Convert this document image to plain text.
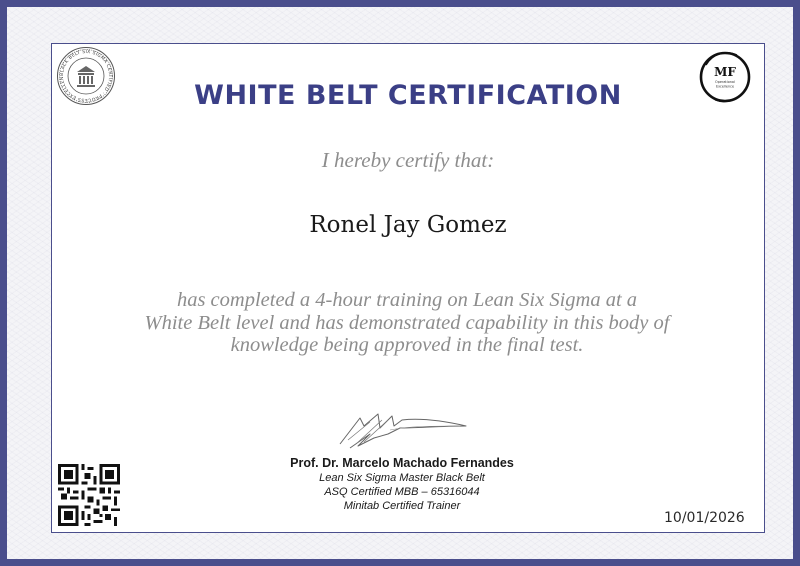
BLACK BELT SIX SIGMA CERTIFIED · PROCESS EXCELLEN	MF
Operational
Excellence
WHITE BELT CERTIFICATION
I hereby certify that:
Ronel Jay Gomez
has completed a 4-hour training on Lean Six Sigma at a
White Belt level and has demonstrated capability in this body of
knowledge being approved in the final test.
Prof. Dr. Marcelo Machado Fernandes
Lean Six Sigma Master Black Belt
ASQ Certified MBB – 65316044
Minitab Certified Trainer
10/01/2026
